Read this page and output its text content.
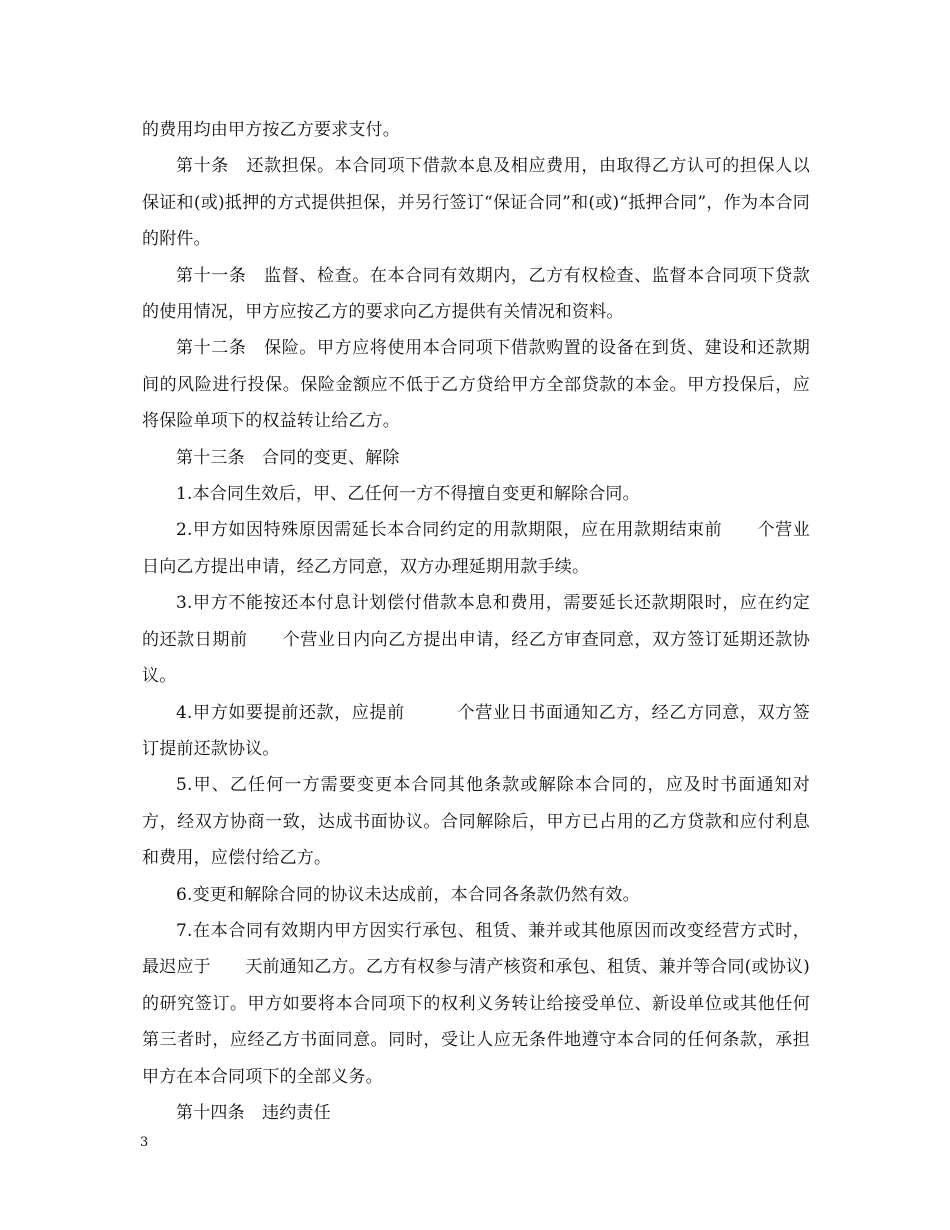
的费用均由甲方按乙方要求支付。

第十条　还款担保。本合同项下借款本息及相应费用，由取得乙方认可的担保人以保证和(或)抵押的方式提供担保，并另行签订“保证合同”和(或)“抵押合同”，作为本合同的附件。

第十一条　监督、检查。在本合同有效期内，乙方有权检查、监督本合同项下贷款的使用情况，甲方应按乙方的要求向乙方提供有关情况和资料。

第十二条　保险。甲方应将使用本合同项下借款购置的设备在到货、建设和还款期间的风险进行投保。保险金额应不低于乙方贷给甲方全部贷款的本金。甲方投保后，应将保险单项下的权益转让给乙方。

第十三条　合同的变更、解除

1.本合同生效后，甲、乙任何一方不得擅自变更和解除合同。

2.甲方如因特殊原因需延长本合同约定的用款期限，应在用款期结束前　　个营业日向乙方提出申请，经乙方同意，双方办理延期用款手续。

3.甲方不能按还本付息计划偿付借款本息和费用，需要延长还款期限时，应在约定的还款日期前　　个营业日内向乙方提出申请，经乙方审查同意，双方签订延期还款协议。

4.甲方如要提前还款，应提前　　　个营业日书面通知乙方，经乙方同意，双方签订提前还款协议。

5.甲、乙任何一方需要变更本合同其他条款或解除本合同的，应及时书面通知对方，经双方协商一致，达成书面协议。合同解除后，甲方已占用的乙方贷款和应付利息和费用，应偿付给乙方。

6.变更和解除合同的协议未达成前，本合同各条款仍然有效。

7.在本合同有效期内甲方因实行承包、租赁、兼并或其他原因而改变经营方式时，最迟应于　　天前通知乙方。乙方有权参与清产核资和承包、租赁、兼并等合同(或协议)的研究签订。甲方如要将本合同项下的权利义务转让给接受单位、新设单位或其他任何第三者时，应经乙方书面同意。同时，受让人应无条件地遵守本合同的任何条款，承担甲方在本合同项下的全部义务。

第十四条　违约责任

3
